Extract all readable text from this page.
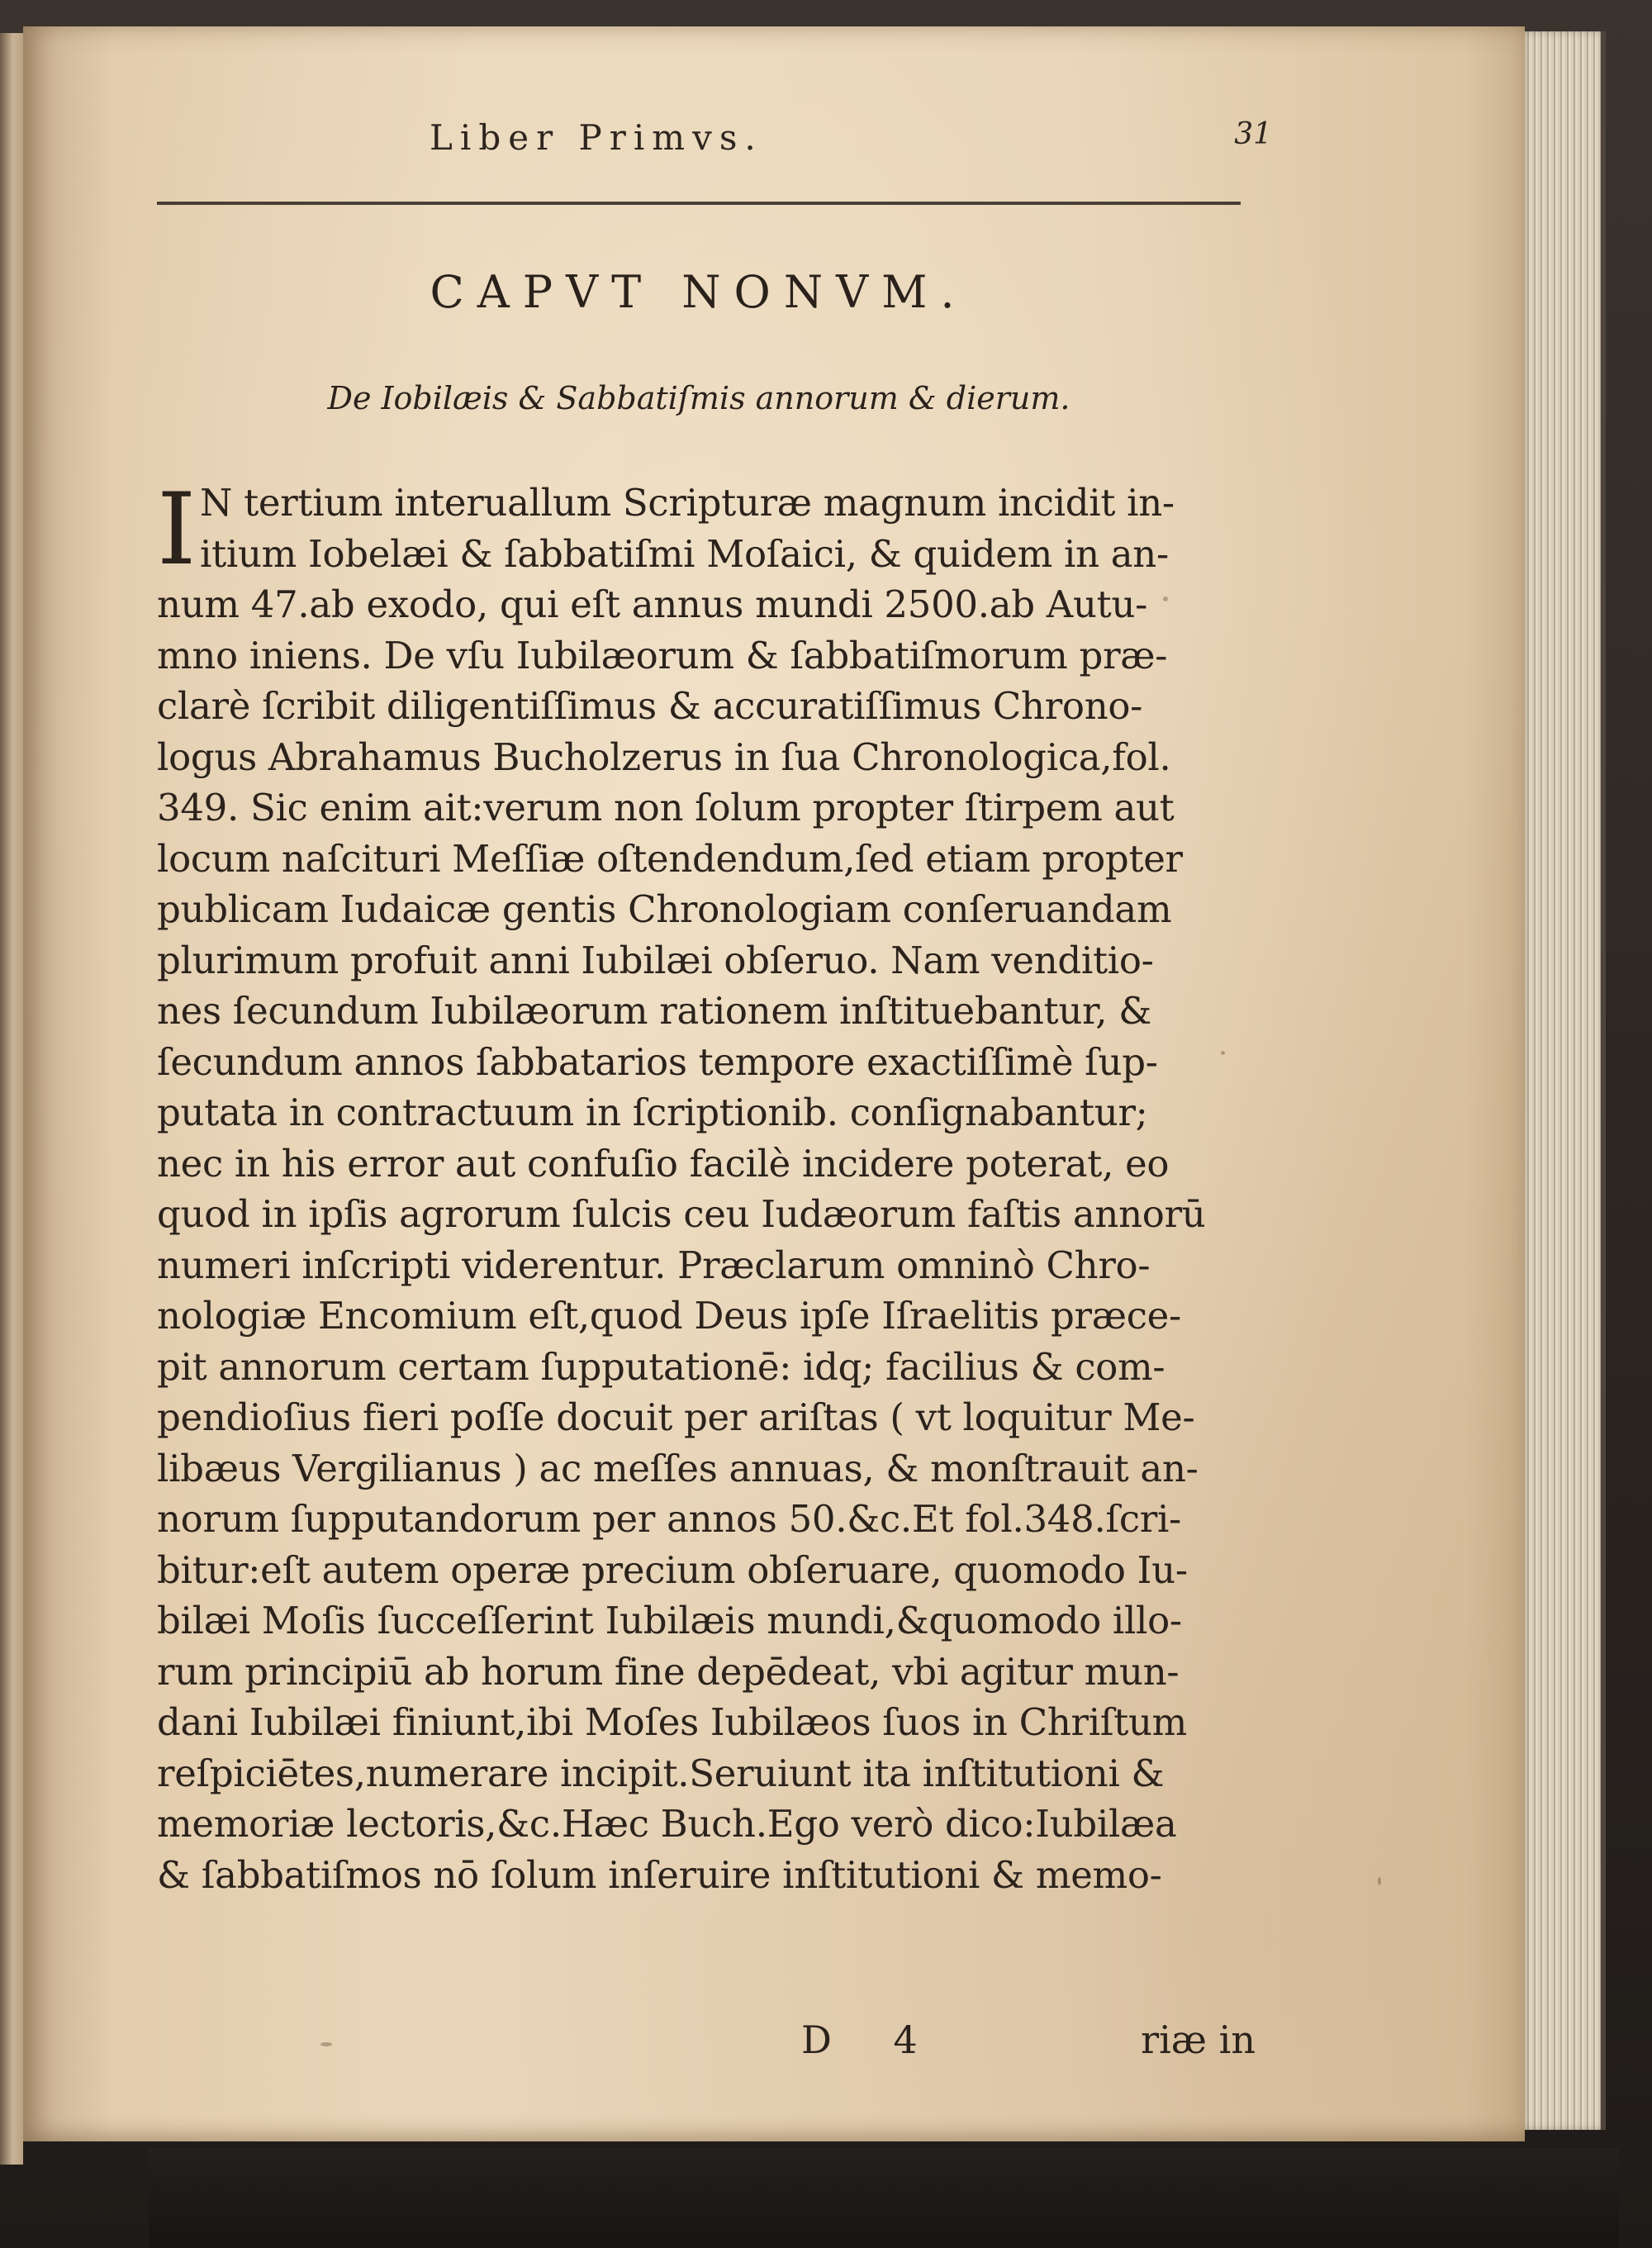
Liber Primvs.	31
CAPVT NONVM.
De Iobilæis & Sabbatiſmis annorum & dierum.
I N tertium interuallum Scripturæ magnum incidit in-
itium Iobelæi & ſabbatiſmi Moſaici, & quidem in an-
num 47.ab exodo, qui eſt annus mundi 2500.ab Autu-
mno iniens. De vſu Iubilæorum & ſabbatiſmorum præ-
clarè ſcribit diligentiſſimus & accuratiſſimus Chrono-
logus Abrahamus Bucholzerus in ſua Chronologica,fol.
349. Sic enim ait:verum non ſolum propter ſtirpem aut
locum naſcituri Meſſiæ oſtendendum,ſed etiam propter
publicam Iudaicæ gentis Chronologiam conſeruandam
plurimum profuit anni Iubilæi obſeruo. Nam venditio-
nes ſecundum Iubilæorum rationem inſtituebantur, &
ſecundum annos ſabbatarios tempore exactiſſimè ſup-
putata in contractuum in ſcriptionib. conſignabantur;
nec in his error aut confuſio facilè incidere poterat, eo
quod in ipſis agrorum ſulcis ceu Iudæorum faſtis annorū
numeri inſcripti viderentur. Præclarum omninò Chro-
nologiæ Encomium eſt,quod Deus ipſe Iſraelitis præce-
pit annorum certam ſupputationē: idq; facilius & com-
pendioſius fieri poſſe docuit per ariſtas ( vt loquitur Me-
libæus Vergilianus ) ac meſſes annuas, & monſtrauit an-
norum ſupputandorum per annos 50.&c.Et fol.348.ſcri-
bitur:eſt autem operæ precium obſeruare, quomodo Iu-
bilæi Moſis ſucceſſerint Iubilæis mundi,&quomodo illo-
rum principiū ab horum fine depēdeat, vbi agitur mun-
dani Iubilæi finiunt,ibi Moſes Iubilæos ſuos in Chriſtum
reſpiciētes,numerare incipit.Seruiunt ita inſtitutioni &
memoriæ lectoris,&c.Hæc Buch.Ego verò dico:Iubilæa
& ſabbatiſmos nō ſolum inſeruire inſtitutioni & memo-
D 4	riæ in
